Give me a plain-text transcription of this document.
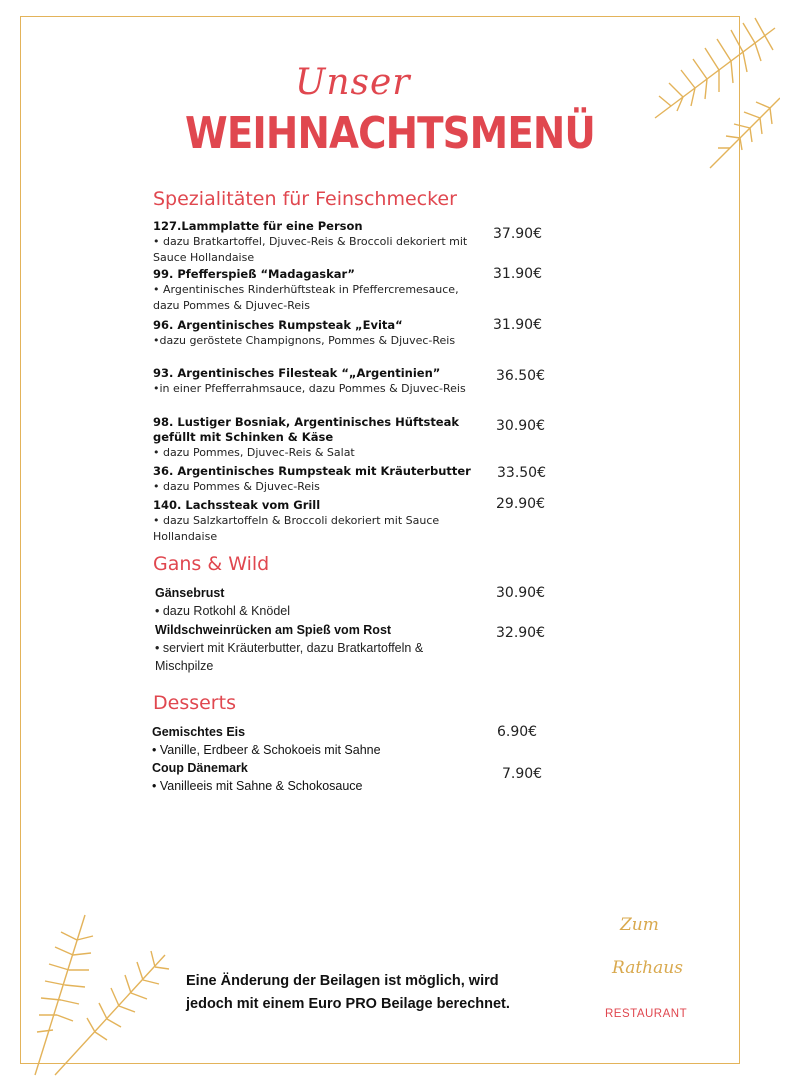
Unser
WEIHNACHTSMENÜ
Spezialitäten für Feinschmecker
127.Lammplatte für eine Person
• dazu Bratkartoffel, Djuvec-Reis & Broccoli dekoriert mit Sauce Hollandaise
37.90€
99. Pfefferspieß “Madagaskar”
• Argentinisches Rinderhüftsteak in Pfeffercremesauce, dazu Pommes & Djuvec-Reis
31.90€
96. Argentinisches Rumpsteak „Evita“
•dazu geröstete Champignons, Pommes & Djuvec-Reis
31.90€
93. Argentinisches Filesteak “„Argentinien”
•in einer Pfefferrahmsauce, dazu Pommes & Djuvec-Reis
36.50€
98. Lustiger Bosniak, Argentinisches Hüftsteak gefüllt mit Schinken & Käse
• dazu Pommes, Djuvec-Reis & Salat
30.90€
36. Argentinisches Rumpsteak mit Kräuterbutter
• dazu Pommes & Djuvec-Reis
33.50€
140. Lachssteak vom Grill
• dazu Salzkartoffeln & Broccoli dekoriert mit Sauce Hollandaise
29.90€
Gans & Wild
Gänsebrust
• dazu Rotkohl & Knödel
30.90€
Wildschweinrücken am Spieß vom Rost
• serviert mit Kräuterbutter, dazu Bratkartoffeln & Mischpilze
32.90€
Desserts
Gemischtes Eis
• Vanille, Erdbeer & Schokoeis mit Sahne
6.90€
Coup Dänemark
• Vanilleeis mit Sahne & Schokosauce
7.90€
Eine Änderung der Beilagen ist möglich, wird
jedoch mit einem Euro PRO Beilage berechnet.
Zum
Rathaus
RESTAURANT
